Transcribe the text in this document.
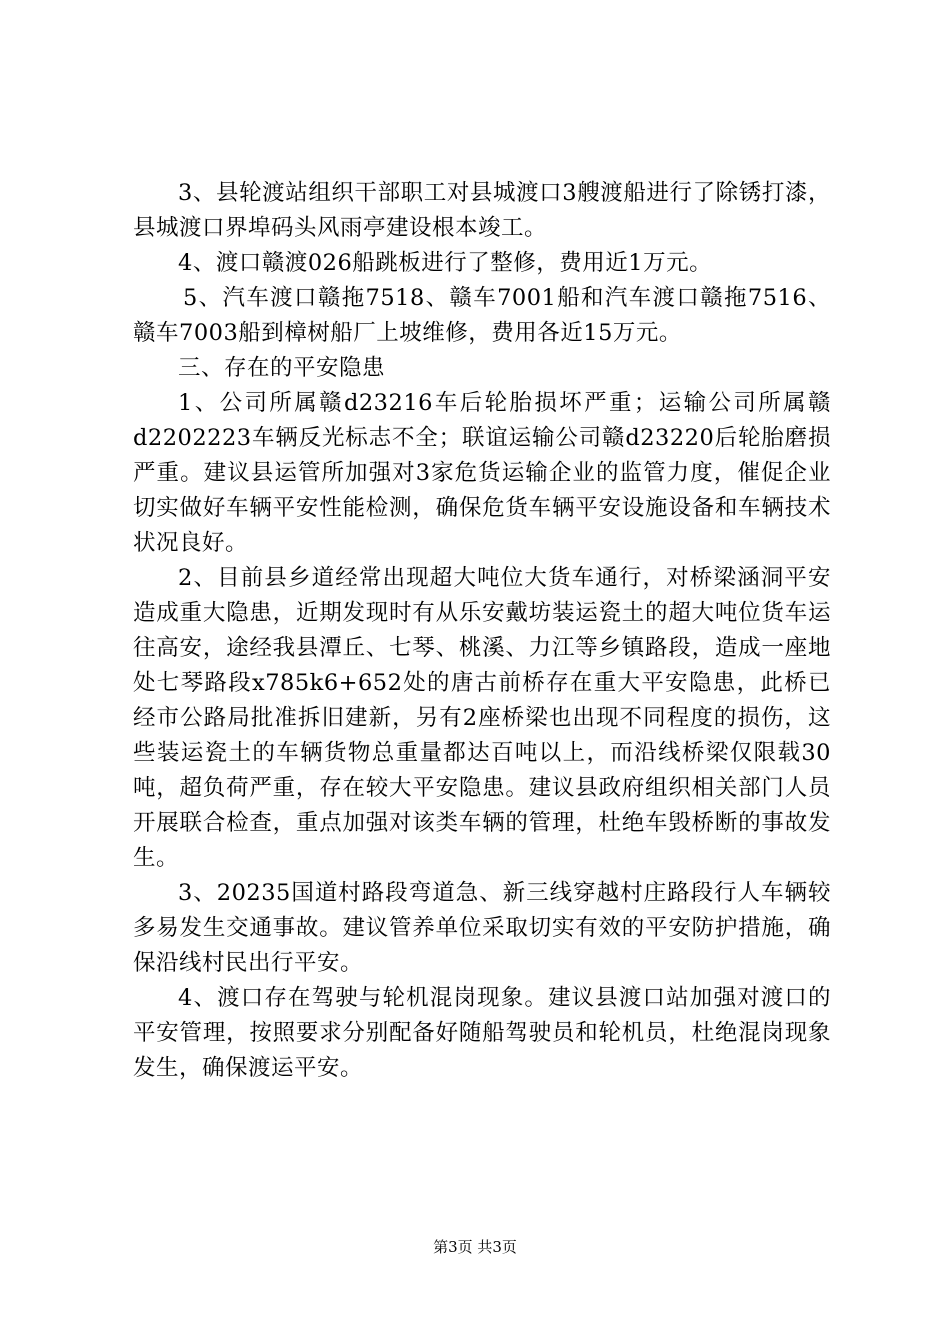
3、县轮渡站组织干部职工对县城渡口3艘渡船进行了除锈打漆，县城渡口界埠码头风雨亭建设根本竣工。

4、渡口赣渡026船跳板进行了整修，费用近1万元。

5、汽车渡口赣拖7518、赣车7001船和汽车渡口赣拖7516、赣车7003船到樟树船厂上坡维修，费用各近15万元。

三、存在的平安隐患

1、公司所属赣d23216车后轮胎损坏严重；运输公司所属赣d2202223车辆反光标志不全；联谊运输公司赣d23220后轮胎磨损严重。建议县运管所加强对3家危货运输企业的监管力度，催促企业切实做好车辆平安性能检测，确保危货车辆平安设施设备和车辆技术状况良好。

2、目前县乡道经常出现超大吨位大货车通行，对桥梁涵洞平安造成重大隐患，近期发现时有从乐安戴坊装运瓷土的超大吨位货车运往高安，途经我县潭丘、七琴、桃溪、力江等乡镇路段，造成一座地处七琴路段x785k6+652处的唐古前桥存在重大平安隐患，此桥已经市公路局批准拆旧建新，另有2座桥梁也出现不同程度的损伤，这些装运瓷土的车辆货物总重量都达百吨以上，而沿线桥梁仅限载30吨，超负荷严重，存在较大平安隐患。建议县政府组织相关部门人员开展联合检查，重点加强对该类车辆的管理，杜绝车毁桥断的事故发生。

3、20235国道村路段弯道急、新三线穿越村庄路段行人车辆较多易发生交通事故。建议管养单位采取切实有效的平安防护措施，确保沿线村民出行平安。

4、渡口存在驾驶与轮机混岗现象。建议县渡口站加强对渡口的平安管理，按照要求分别配备好随船驾驶员和轮机员，杜绝混岗现象发生，确保渡运平安。

第3页 共3页
